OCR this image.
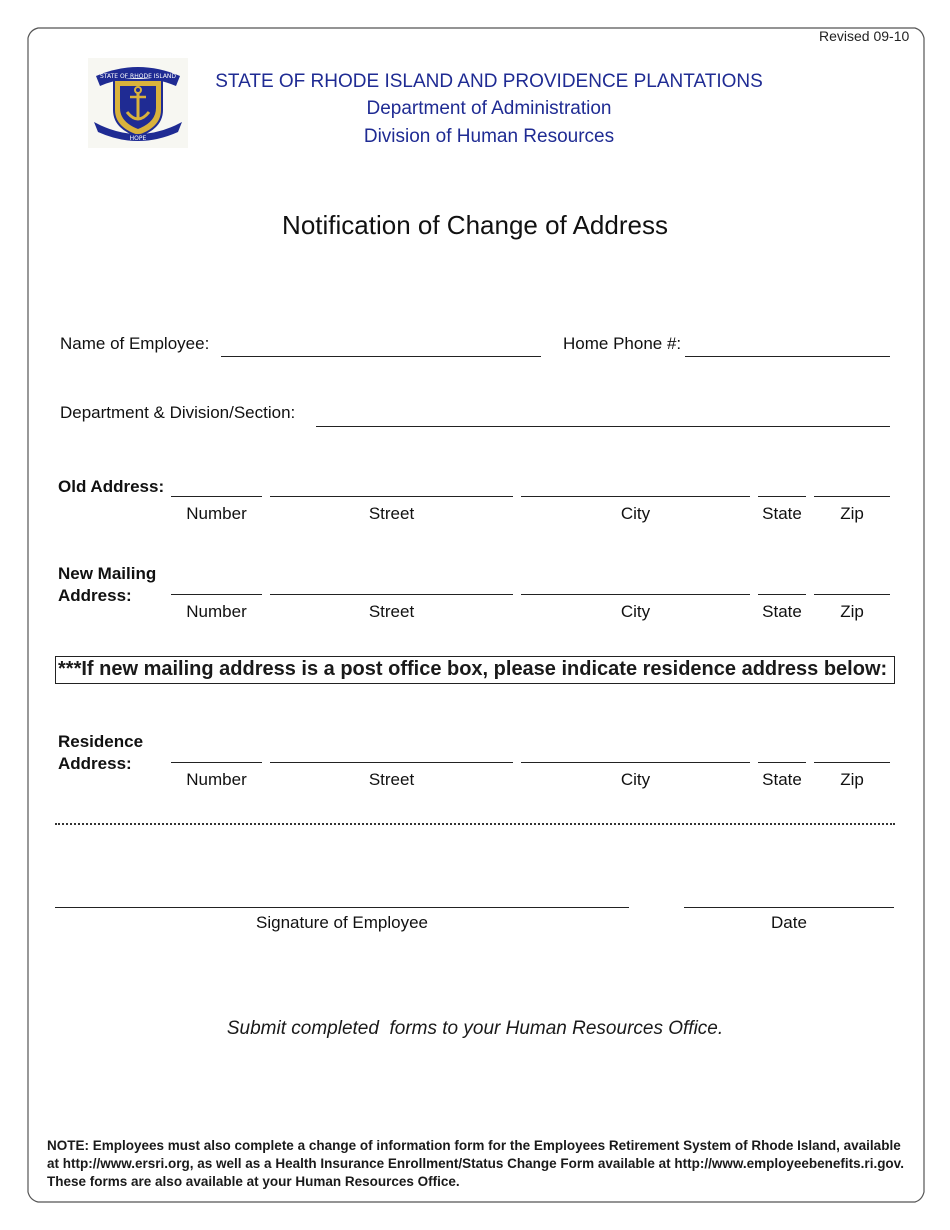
Revised 09-10
STATE OF RHODE ISLAND
HOPE
STATE OF RHODE ISLAND AND PROVIDENCE PLANTATIONS
Department of Administration
Division of Human Resources
Notification of Change of Address
Name of Employee:	Home Phone #:
Department & Division/Section:
Old Address:
Number	Street	City	State	Zip
New Mailing Address:
Number	Street	City	State	Zip
***If new mailing address is a post office box, please indicate residence address below:
Residence Address:
Number	Street	City	State	Zip
Signature of Employee	Date
Submit completed  forms to your Human Resources Office.
NOTE: Employees must also complete a change of information form for the Employees Retirement System of Rhode Island, available at http://www.ersri.org, as well as a Health Insurance Enrollment/Status Change Form available at http://www.employeebenefits.ri.gov. These forms are also available at your Human Resources Office.
